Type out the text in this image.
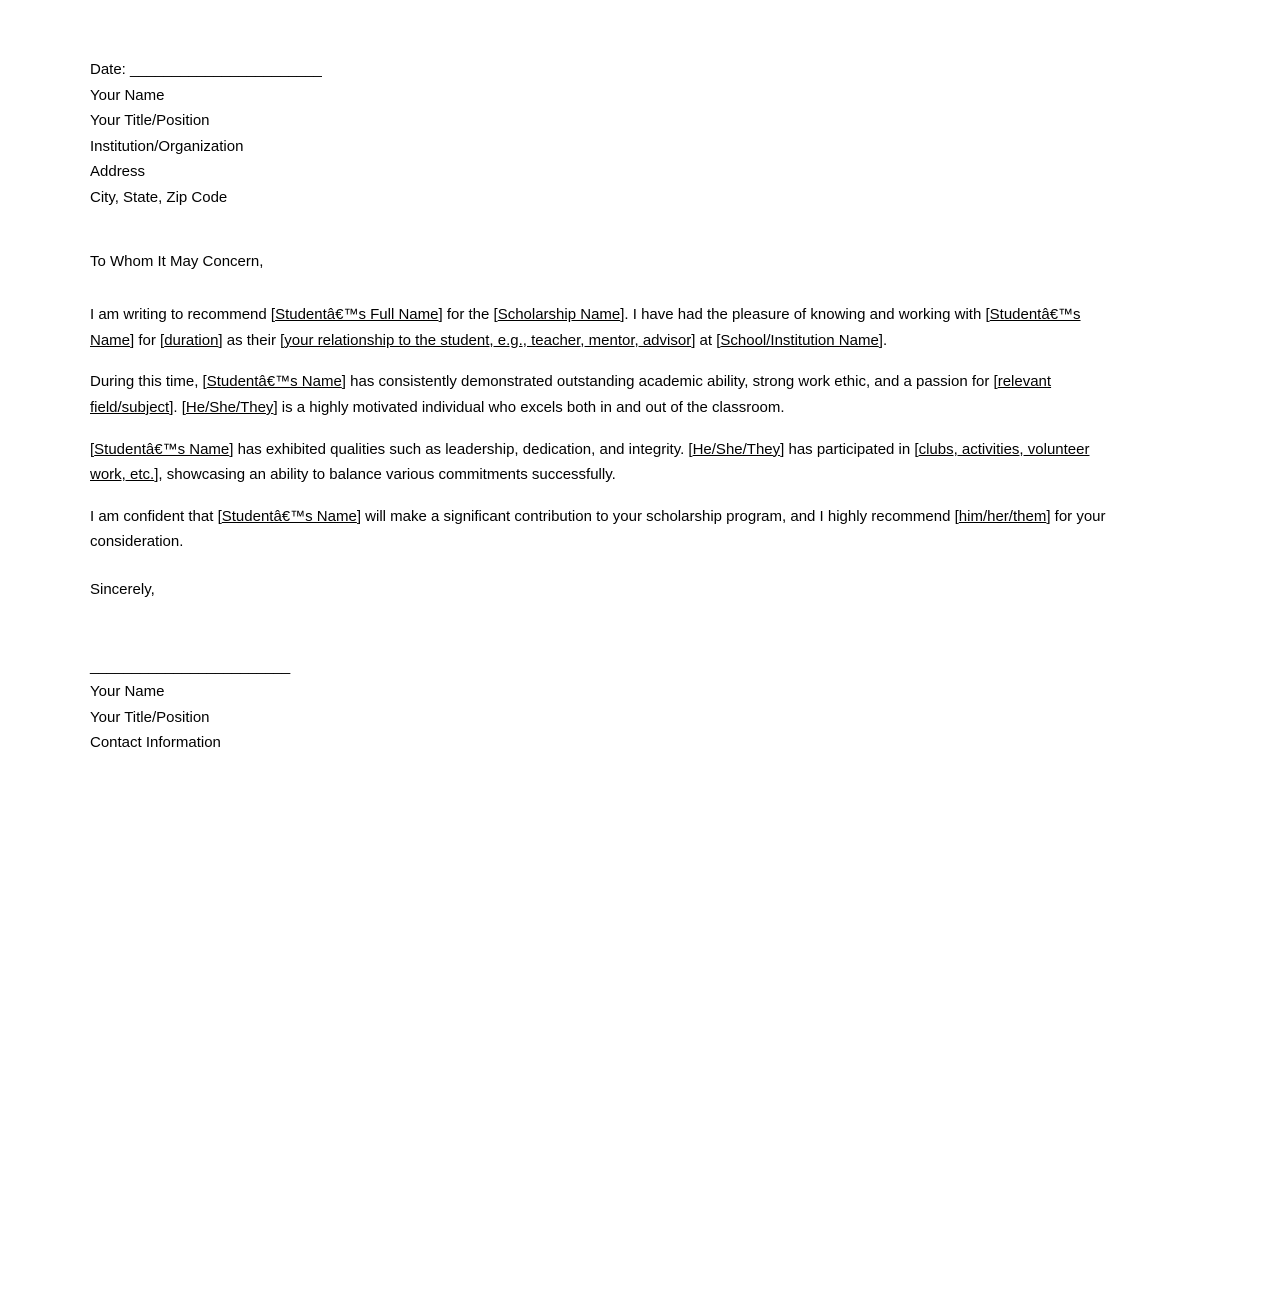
Date: _______________________

Your Name

Your Title/Position

Institution/Organization

Address

City, State, Zip Code

To Whom It May Concern,

I am writing to recommend [Studentâ€™s Full Name] for the [Scholarship Name]. I have had the pleasure of knowing and working with [Studentâ€™s
Name] for [duration] as their [your relationship to the student, e.g., teacher, mentor, advisor] at [School/Institution Name].

During this time, [Studentâ€™s Name] has consistently demonstrated outstanding academic ability, strong work ethic, and a passion for [relevant
field/subject]. [He/She/They] is a highly motivated individual who excels both in and out of the classroom.

[Studentâ€™s Name] has exhibited qualities such as leadership, dedication, and integrity. [He/She/They] has participated in [clubs, activities, volunteer
work, etc.], showcasing an ability to balance various commitments successfully.

I am confident that [Studentâ€™s Name] will make a significant contribution to your scholarship program, and I highly recommend [him/her/them] for your
consideration.

Sincerely,

________________________

Your Name

Your Title/Position

Contact Information
